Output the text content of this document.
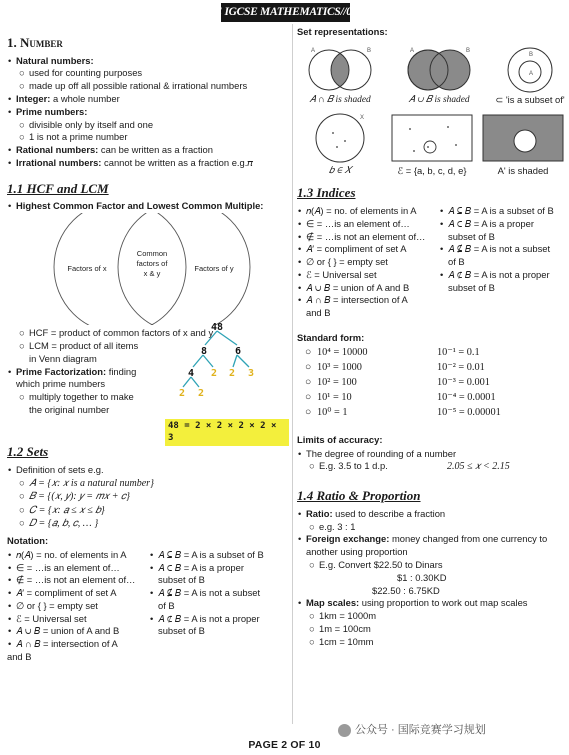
CIE IGCSE MATHEMATICS//0580
1. Number
• Natural numbers:
○ used for counting purposes
○ made up off all possible rational & irrational numbers
• Integer: a whole number
• Prime numbers:
○ divisible only by itself and one
○ 1 is not a prime number
• Rational numbers: can be written as a fraction
• Irrational numbers: cannot be written as a fraction e.g.𝜋
1.1 HCF and LCM
• Highest Common Factor and Lowest Common Multiple:
Factors of x
Common
factors of
x & y
Factors of y
○ HCF = product of common factors of x and y
○ LCM = product of all items
in Venn diagram
• Prime Factorization: finding
which prime numbers
○ multiply together to make
the original number
48
8	6
4 2 2 3
2 2
48 = 2 × 2 × 2 × 2 × 3
1.2 Sets
• Definition of sets e.g.
○ 𝐴 = {𝑥: 𝑥 is a natural number}
○ 𝐵 = {(𝑥, 𝑦): 𝑦 = 𝑚𝑥 + 𝑐}
○ 𝐶 = {𝑥: 𝑎 ≤ 𝑥 ≤ 𝑏}
○ 𝐷 = {𝑎, 𝑏, 𝑐, … }
Notation:
• 𝑛(𝐴) = no. of elements in A
• ∈ = …is an element of…
• ∉ = …is not an element of…
• 𝐴′ = compliment of set A
• ∅ or { } = empty set
• ℰ = Universal set
• 𝐴 ∪ 𝐵 = union of A and B
• 𝐴 ∩ 𝐵 = intersection of A
and B
• 𝐴 ⊆ 𝐵 = A is a subset of B
• 𝐴 ⊂ 𝐵 = A is a proper
subset of B
• 𝐴 ⊈ 𝐵 = A is not a subset
of B
• 𝐴 ⊄ 𝐵 = A is not a proper
subset of B
Set representations:
A	B
𝐴 ∩ 𝐵 is shaded
A	B
𝐴 ∪ 𝐵 is shaded
B
A
⊂ 'is a subset of'
X
𝑏 ∈ 𝑋	ℰ = {a, b, c, d, e}	A' is shaded
1.3 Indices
• 𝑛(𝐴) = no. of elements in A
• ∈ = …is an element of…
• ∉ = …is not an element of…
• 𝐴′ = compliment of set A
• ∅ or { } = empty set
• ℰ = Universal set
• 𝐴 ∪ 𝐵 = union of A and B
• 𝐴 ∩ 𝐵 = intersection of A
and B
• 𝐴 ⊆ 𝐵 = A is a subset of B
• 𝐴 ⊂ 𝐵 = A is a proper
subset of B
• 𝐴 ⊈ 𝐵 = A is not a subset
of B
• 𝐴 ⊄ 𝐵 = A is not a proper
subset of B
Standard form:
○ 10⁴ = 10000	10⁻¹ = 0.1
○ 10³ = 1000	10⁻² = 0.01
○ 10² = 100	10⁻³ = 0.001
○ 10¹ = 10	10⁻⁴ = 0.0001
○ 10⁰ = 1	10⁻⁵ = 0.00001
Limits of accuracy:
• The degree of rounding of a number
○ E.g. 3.5 to 1 d.p.	2.05 ≤ 𝑥 < 2.15
1.4 Ratio & Proportion
• Ratio: used to describe a fraction
○ e.g. 3 : 1
• Foreign exchange: money changed from one currency to
another using proportion
○ E.g. Convert $22.50 to Dinars
$1 : 0.30KD
$22.50 : 6.75KD
• Map scales: using proportion to work out map scales
○ 1km = 1000m
○ 1m = 100cm
○ 1cm = 10mm
公众号 · 国际竞赛学习规划
PAGE 2 OF 10
